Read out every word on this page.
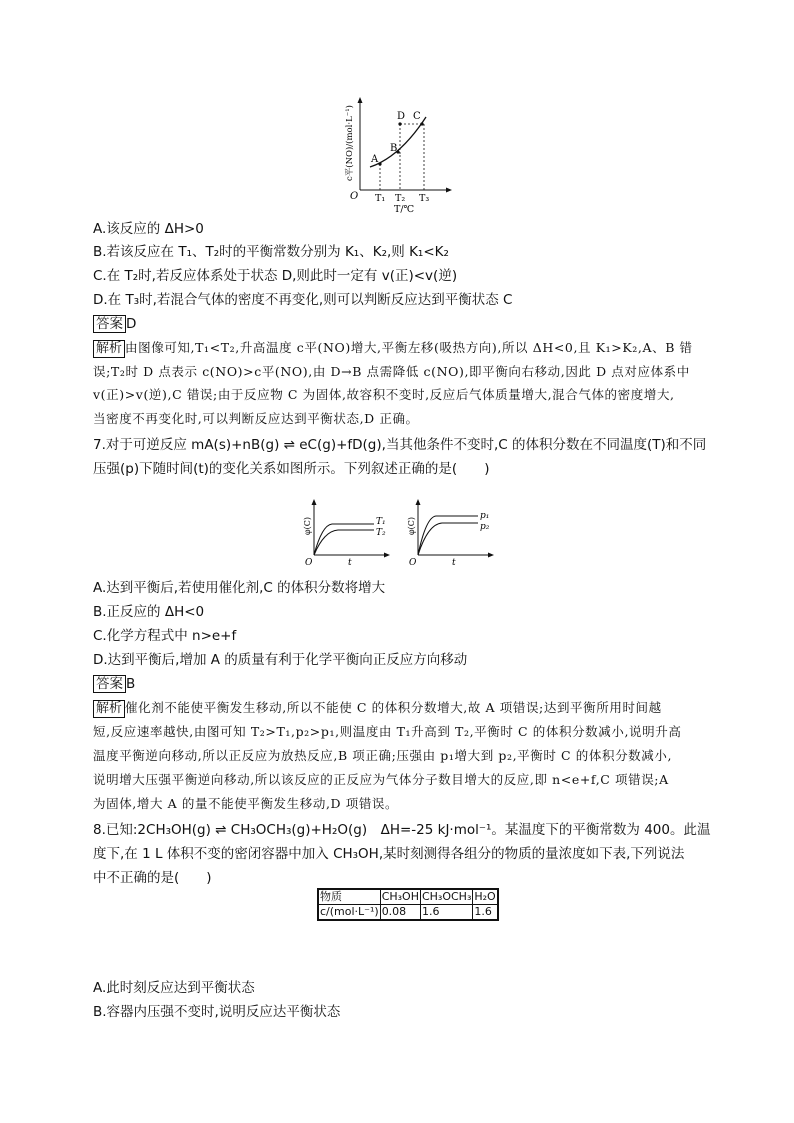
A
B
D C
T₁ T₂ T₃
O
T/℃
c平(NO)/(mol·L⁻¹)
A.该反应的 ΔH>0
B.若该反应在 T₁、T₂时的平衡常数分别为 K₁、K₂,则 K₁<K₂
C.在 T₂时,若反应体系处于状态 D,则此时一定有 v(正)<v(逆)
D.在 T₃时,若混合气体的密度不再变化,则可以判断反应达到平衡状态 C
答案 D
解析 由图像可知,T₁<T₂,升高温度 c平(NO)增大,平衡左移(吸热方向),所以 ΔH<0,且 K₁>K₂,A、B 错
误;T₂时 D 点表示 c(NO)>c平(NO),由 D→B 点需降低 c(NO),即平衡向右移动,因此 D 点对应体系中
v(正)>v(逆),C 错误;由于反应物 C 为固体,故容积不变时,反应后气体质量增大,混合气体的密度增大,
当密度不再变化时,可以判断反应达到平衡状态,D 正确。
7.对于可逆反应 mA(s)+nB(g) ⇌ eC(g)+fD(g),当其他条件不变时,C 的体积分数在不同温度(T)和不同
压强(p)下随时间(t)的变化关系如图所示。下列叙述正确的是(　　)
T₁
T₂
O	t
φ(C)
p₁
p₂
O	t
φ(C)
A.达到平衡后,若使用催化剂,C 的体积分数将增大
B.正反应的 ΔH<0
C.化学方程式中 n>e+f
D.达到平衡后,增加 A 的质量有利于化学平衡向正反应方向移动
答案 B
解析 催化剂不能使平衡发生移动,所以不能使 C 的体积分数增大,故 A 项错误;达到平衡所用时间越
短,反应速率越快,由图可知 T₂>T₁,p₂>p₁,则温度由 T₁升高到 T₂,平衡时 C 的体积分数减小,说明升高
温度平衡逆向移动,所以正反应为放热反应,B 项正确;压强由 p₁增大到 p₂,平衡时 C 的体积分数减小,
说明增大压强平衡逆向移动,所以该反应的正反应为气体分子数目增大的反应,即 n<e+f,C 项错误;A
为固体,增大 A 的量不能使平衡发生移动,D 项错误。
8.已知:2CH₃OH(g) ⇌ CH₃OCH₃(g)+H₂O(g)　ΔH=-25 kJ·mol⁻¹。某温度下的平衡常数为 400。此温
度下,在 1 L 体积不变的密闭容器中加入 CH₃OH,某时刻测得各组分的物质的量浓度如下表,下列说法
中不正确的是(　　)
物质	CH₃OH	CH₃OCH₃	H₂O
c/(mol·L⁻¹)	0.08	1.6	1.6
A.此时刻反应达到平衡状态
B.容器内压强不变时,说明反应达平衡状态
